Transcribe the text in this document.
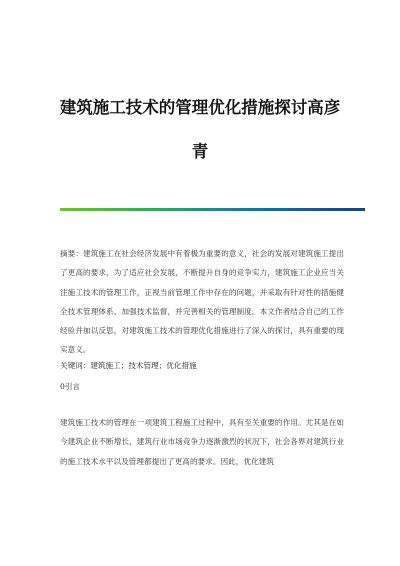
建筑施工技术的管理优化措施探讨高彦
青

摘要：建筑施工在社会经济发展中有着极为重要的意义，社会的发展对建筑施工提出了更高的要求，为了适应社会发展，不断提升自身的竞争实力，建筑施工企业应当关注施工技术的管理工作，正视当前管理工作中存在的问题，并采取有针对性的措施健全技术管理体系、加强技术监督，并完善相关的管理制度。本文作者结合自己的工作经验并加以反思，对建筑施工技术的管理优化措施进行了深入的探讨，具有重要的现实意义。

关键词：建筑施工；技术管理；优化措施

0引言

建筑施工技术的管理在一项建筑工程施工过程中，具有至关重要的作用。尤其是在如今建筑企业不断增长，建筑行业市场竞争力逐渐激烈的状况下，社会各界对建筑行业的施工技术水平以及管理都提出了更高的要求。因此，优化建筑
